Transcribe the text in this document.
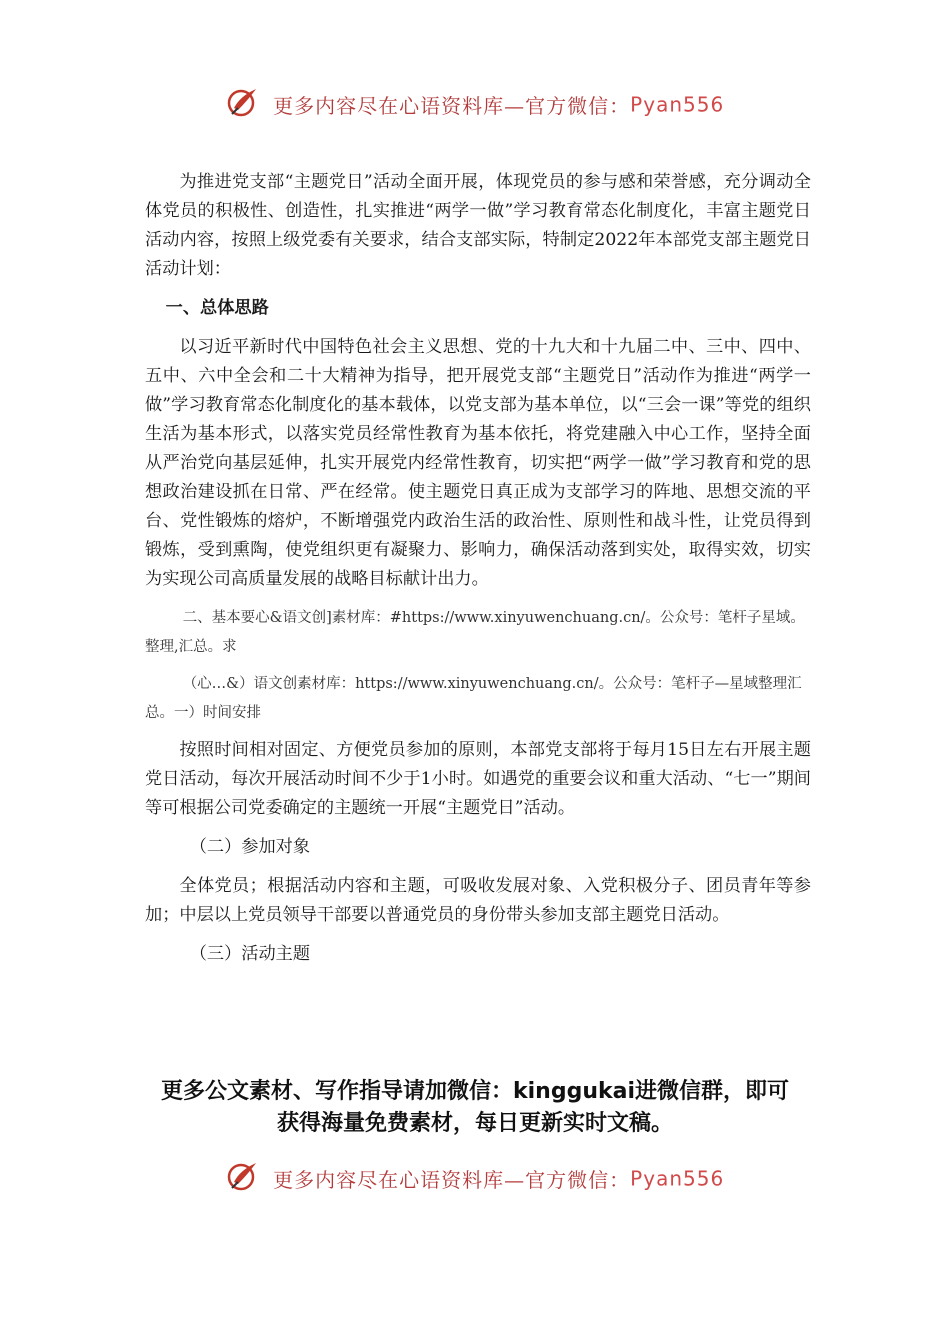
更多内容尽在心语资料库—官方微信：Pyan556

为推进党支部“主题党日”活动全面开展，体现党员的参与感和荣誉感，充分调动全体党员的积极性、创造性，扎实推进“两学一做”学习教育常态化制度化，丰富主题党日活动内容，按照上级党委有关要求，结合支部实际，特制定2022年本部党支部主题党日活动计划：

一、总体思路

以习近平新时代中国特色社会主义思想、党的十九大和十九届二中、三中、四中、五中、六中全会和二十大精神为指导，把开展党支部“主题党日”活动作为推进“两学一做”学习教育常态化制度化的基本载体，以党支部为基本单位，以“三会一课”等党的组织生活为基本形式，以落实党员经常性教育为基本依托，将党建融入中心工作，坚持全面从严治党向基层延伸，扎实开展党内经常性教育，切实把“两学一做”学习教育和党的思想政治建设抓在日常、严在经常。使主题党日真正成为支部学习的阵地、思想交流的平台、党性锻炼的熔炉，不断增强党内政治生活的政治性、原则性和战斗性，让党员得到锻炼，受到熏陶，使党组织更有凝聚力、影响力，确保活动落到实处，取得实效，切实为实现公司高质量发展的战略目标献计出力。

二、基本要心&语文创]素材库：#https://www.xinyuwenchuang.cn/。公众号：笔杆子星域。整理,汇总。求

（心…&）语文创素材库：https://www.xinyuwenchuang.cn/。公众号：笔杆子—星域整理汇总。一）时间安排

按照时间相对固定、方便党员参加的原则，本部党支部将于每月15日左右开展主题党日活动，每次开展活动时间不少于1小时。如遇党的重要会议和重大活动、“七一”期间等可根据公司党委确定的主题统一开展“主题党日”活动。

（二）参加对象

全体党员；根据活动内容和主题，可吸收发展对象、入党积极分子、团员青年等参加；中层以上党员领导干部要以普通党员的身份带头参加支部主题党日活动。

（三）活动主题

更多公文素材、写作指导请加微信：kinggukai进微信群，即可
获得海量免费素材，每日更新实时文稿。
更多内容尽在心语资料库—官方微信：Pyan556
